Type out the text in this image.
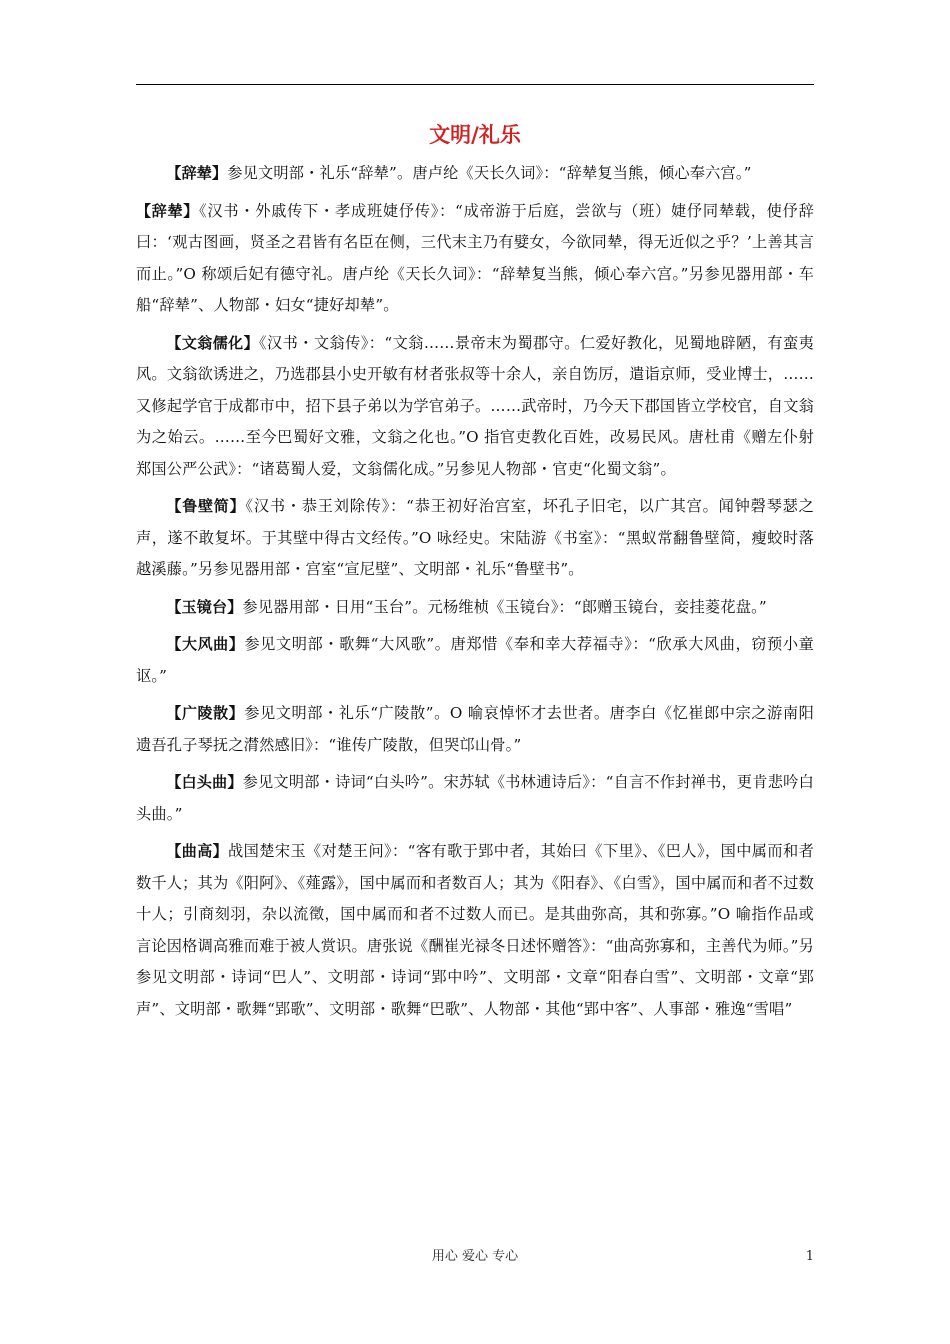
文明/礼乐

【辞辇】参见文明部・礼乐“辞辇”。唐卢纶《天长久词》：“辞辇复当熊，倾心奉六宫。”

【辞辇】《汉书・外戚传下・孝成班婕伃传》：“成帝游于后庭，尝欲与（班）婕伃同辇载，使伃辞曰：‘观古图画，贤圣之君皆有名臣在侧，三代末主乃有嬖女，今欲同辇，得无近似之乎？’上善其言而止。”O 称颂后妃有德守礼。唐卢纶《天长久词》：“辞辇复当熊，倾心奉六宫。”另参见器用部・车船“辞辇”、人物部・妇女“捷好却辇”。

【文翁儒化】《汉书・文翁传》：“文翁……景帝末为蜀郡守。仁爱好教化，见蜀地辟陋，有蛮夷风。文翁欲诱进之，乃选郡县小史开敏有材者张叔等十余人，亲自饬厉，遣诣京师，受业博士，……又修起学官于成都市中，招下县子弟以为学官弟子。……武帝时，乃今天下郡国皆立学校官，自文翁为之始云。……至今巴蜀好文雅，文翁之化也。”O 指官吏教化百姓，改易民风。唐杜甫《赠左仆射郑国公严公武》：“诸葛蜀人爱，文翁儒化成。”另参见人物部・官吏“化蜀文翁”。

【鲁壁简】《汉书・恭王刘除传》：“恭王初好治宫室，坏孔子旧宅，以广其宫。闻钟磬琴瑟之声，遂不敢复坏。于其壁中得古文经传。”O 咏经史。宋陆游《书室》：“黑蚁常翻鲁壁简，瘦蛟时落越溪藤。”另参见器用部・宫室“宣尼壁”、文明部・礼乐“鲁壁书”。

【玉镜台】参见器用部・日用“玉台”。元杨维桢《玉镜台》：“郎赠玉镜台，妾挂菱花盘。”

【大风曲】参见文明部・歌舞“大风歌”。唐郑惜《奉和幸大荐福寺》：“欣承大风曲，窃预小童讴。”

【广陵散】参见文明部・礼乐“广陵散”。O 喻哀悼怀才去世者。唐李白《忆崔郎中宗之游南阳遗吾孔子琴抚之潸然感旧》：“谁传广陵散，但哭邙山骨。”

【白头曲】参见文明部・诗词“白头吟”。宋苏轼《书林逋诗后》：“自言不作封禅书，更肯悲吟白头曲。”

【曲高】战国楚宋玉《对楚王问》：“客有歌于郢中者，其始曰《下里》、《巴人》，国中属而和者数千人；其为《阳阿》、《薤露》，国中属而和者数百人；其为《阳春》、《白雪》，国中属而和者不过数十人；引商刻羽，杂以流徵，国中属而和者不过数人而已。是其曲弥高，其和弥寡。”O 喻指作品或言论因格调高雅而难于被人赏识。唐张说《酬崔光禄冬日述怀赠答》：“曲高弥寡和，主善代为师。”另参见文明部・诗词“巴人”、文明部・诗词“郢中吟”、文明部・文章“阳春白雪”、文明部・文章“郢声”、文明部・歌舞“郢歌”、文明部・歌舞“巴歌”、人物部・其他“郢中客”、人事部・雅逸“雪唱”

用心 爱心 专心	1
